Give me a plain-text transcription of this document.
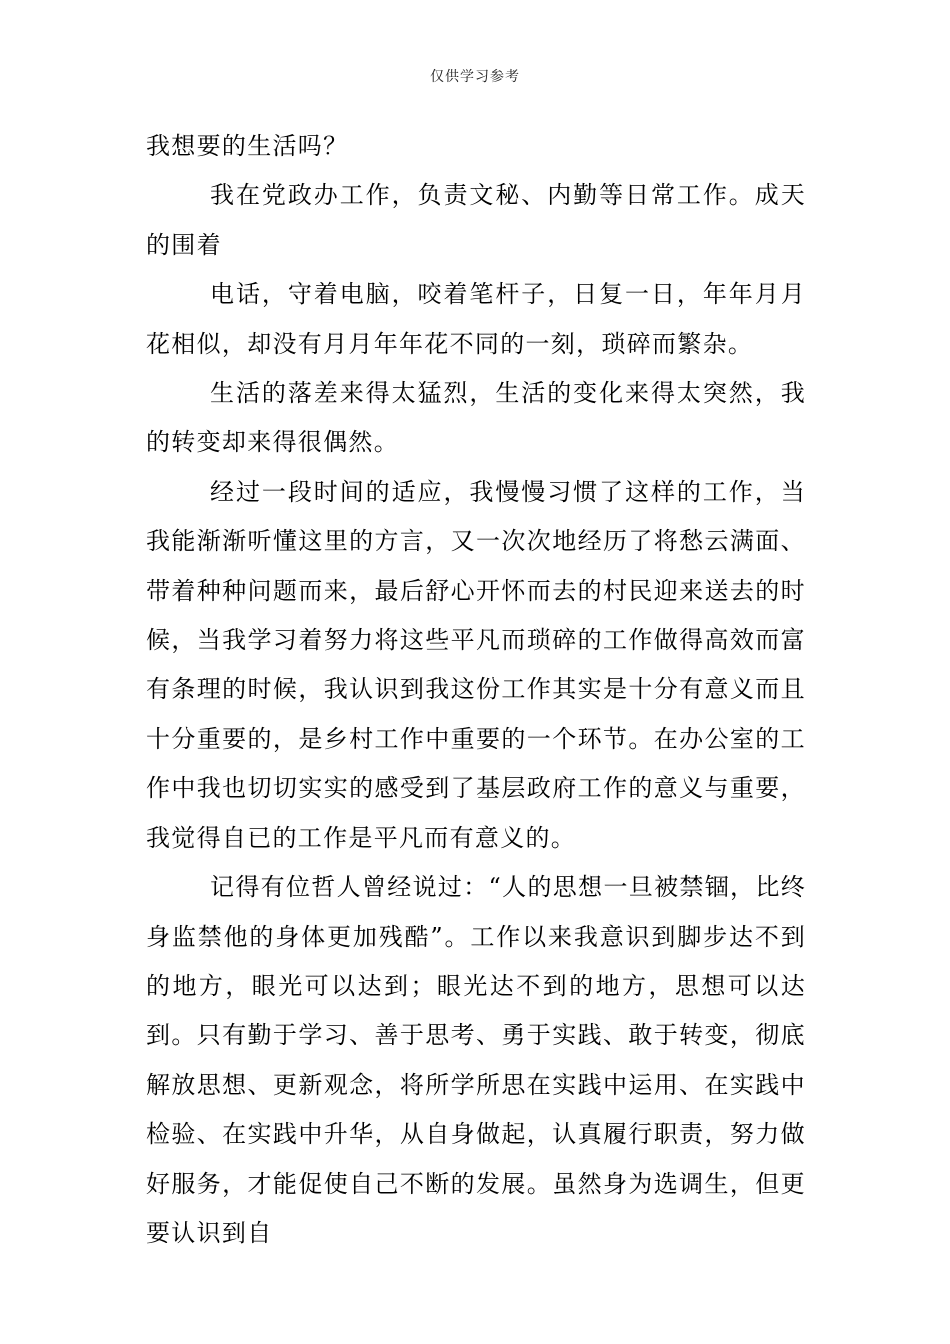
仅供学习参考

我想要的生活吗？

我在党政办工作，负责文秘、内勤等日常工作。成天的围着

电话，守着电脑，咬着笔杆子，日复一日，年年月月花相似，却没有月月年年花不同的一刻，琐碎而繁杂。

生活的落差来得太猛烈，生活的变化来得太突然，我的转变却来得很偶然。

经过一段时间的适应，我慢慢习惯了这样的工作，当我能渐渐听懂这里的方言，又一次次地经历了将愁云满面、带着种种问题而来，最后舒心开怀而去的村民迎来送去的时候，当我学习着努力将这些平凡而琐碎的工作做得高效而富有条理的时候，我认识到我这份工作其实是十分有意义而且十分重要的，是乡村工作中重要的一个环节。在办公室的工作中我也切切实实的感受到了基层政府工作的意义与重要，我觉得自已的工作是平凡而有意义的。

记得有位哲人曾经说过：“人的思想一旦被禁锢，比终身监禁他的身体更加残酷”。工作以来我意识到脚步达不到的地方，眼光可以达到；眼光达不到的地方，思想可以达到。只有勤于学习、善于思考、勇于实践、敢于转变，彻底解放思想、更新观念，将所学所思在实践中运用、在实践中检验、在实践中升华，从自身做起，认真履行职责，努力做好服务，才能促使自己不断的发展。虽然身为选调生，但更要认识到自
